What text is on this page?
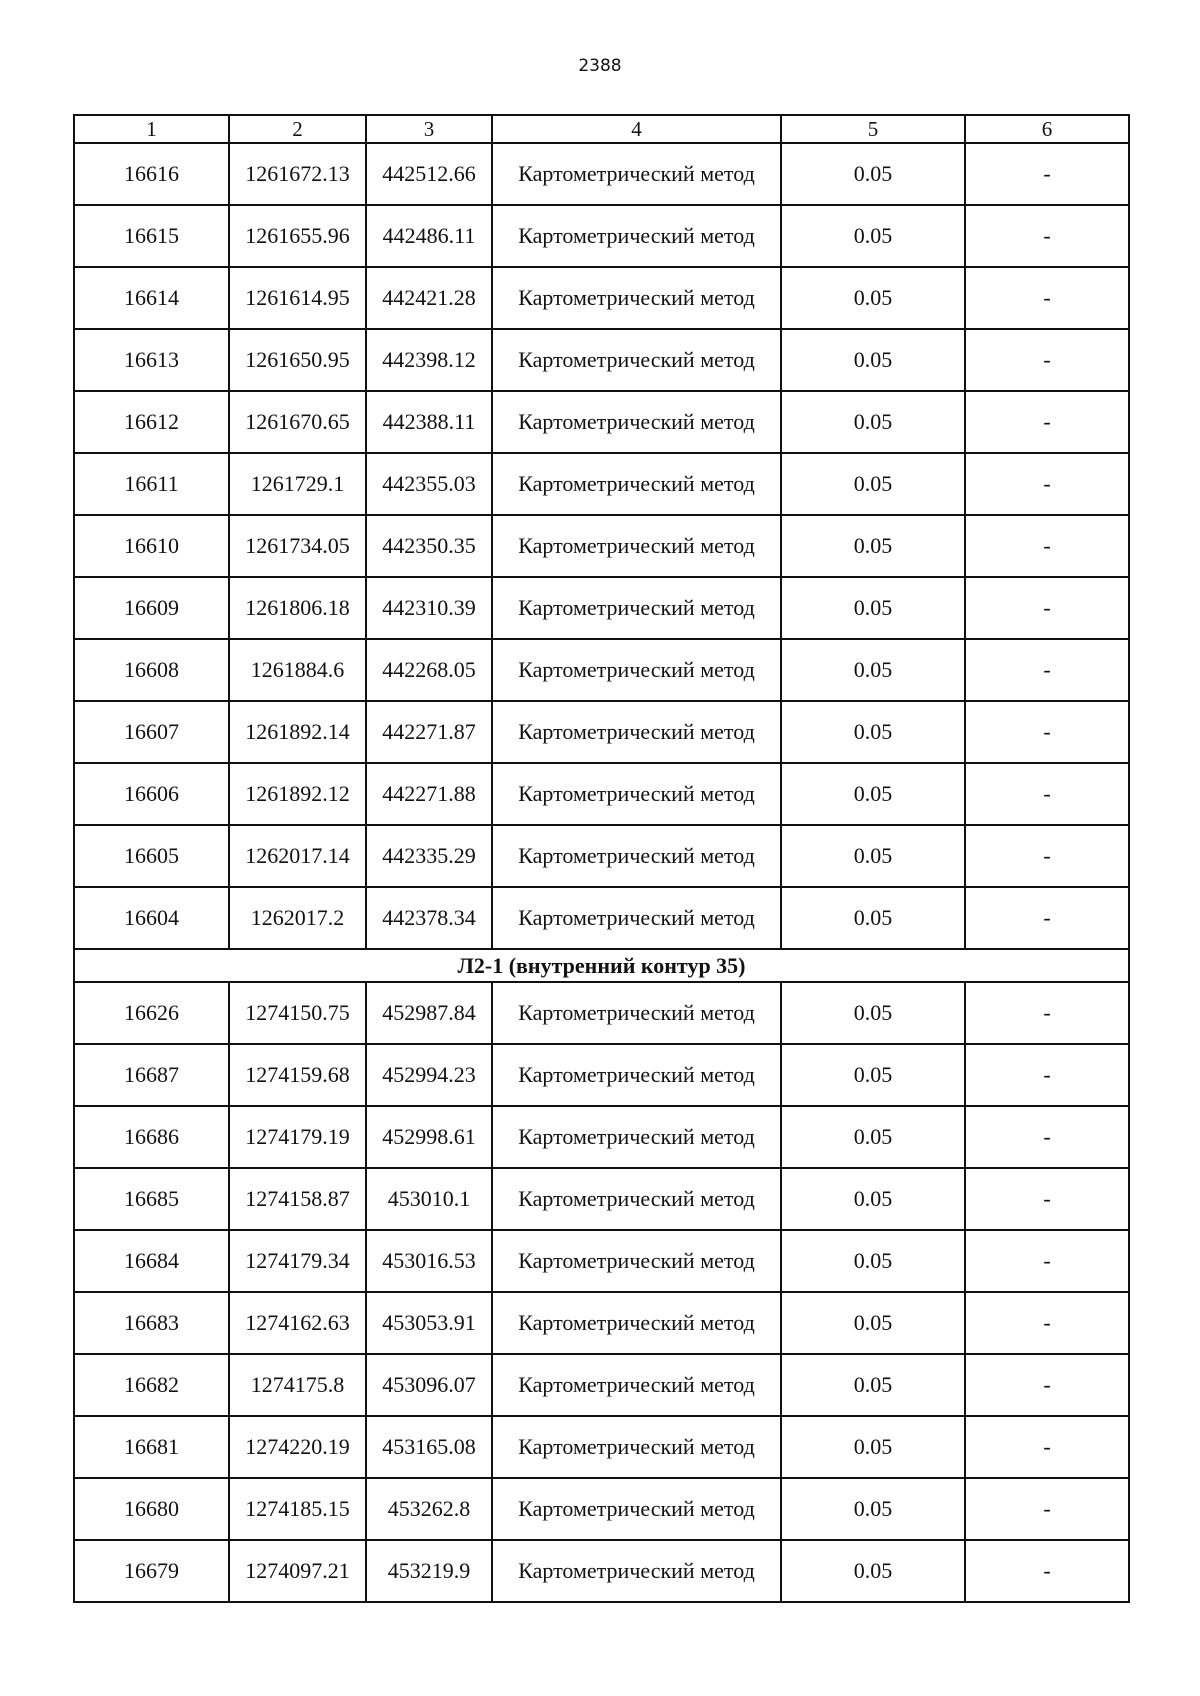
2388
1	2	3	4	5	6
16616	1261672.13	442512.66	Картометрический метод	0.05	-
16615	1261655.96	442486.11	Картометрический метод	0.05	-
16614	1261614.95	442421.28	Картометрический метод	0.05	-
16613	1261650.95	442398.12	Картометрический метод	0.05	-
16612	1261670.65	442388.11	Картометрический метод	0.05	-
16611	1261729.1	442355.03	Картометрический метод	0.05	-
16610	1261734.05	442350.35	Картометрический метод	0.05	-
16609	1261806.18	442310.39	Картометрический метод	0.05	-
16608	1261884.6	442268.05	Картометрический метод	0.05	-
16607	1261892.14	442271.87	Картометрический метод	0.05	-
16606	1261892.12	442271.88	Картометрический метод	0.05	-
16605	1262017.14	442335.29	Картометрический метод	0.05	-
16604	1262017.2	442378.34	Картометрический метод	0.05	-
Л2-1 (внутренний контур 35)					
16626	1274150.75	452987.84	Картометрический метод	0.05	-
16687	1274159.68	452994.23	Картометрический метод	0.05	-
16686	1274179.19	452998.61	Картометрический метод	0.05	-
16685	1274158.87	453010.1	Картометрический метод	0.05	-
16684	1274179.34	453016.53	Картометрический метод	0.05	-
16683	1274162.63	453053.91	Картометрический метод	0.05	-
16682	1274175.8	453096.07	Картометрический метод	0.05	-
16681	1274220.19	453165.08	Картометрический метод	0.05	-
16680	1274185.15	453262.8	Картометрический метод	0.05	-
16679	1274097.21	453219.9	Картометрический метод	0.05	-
